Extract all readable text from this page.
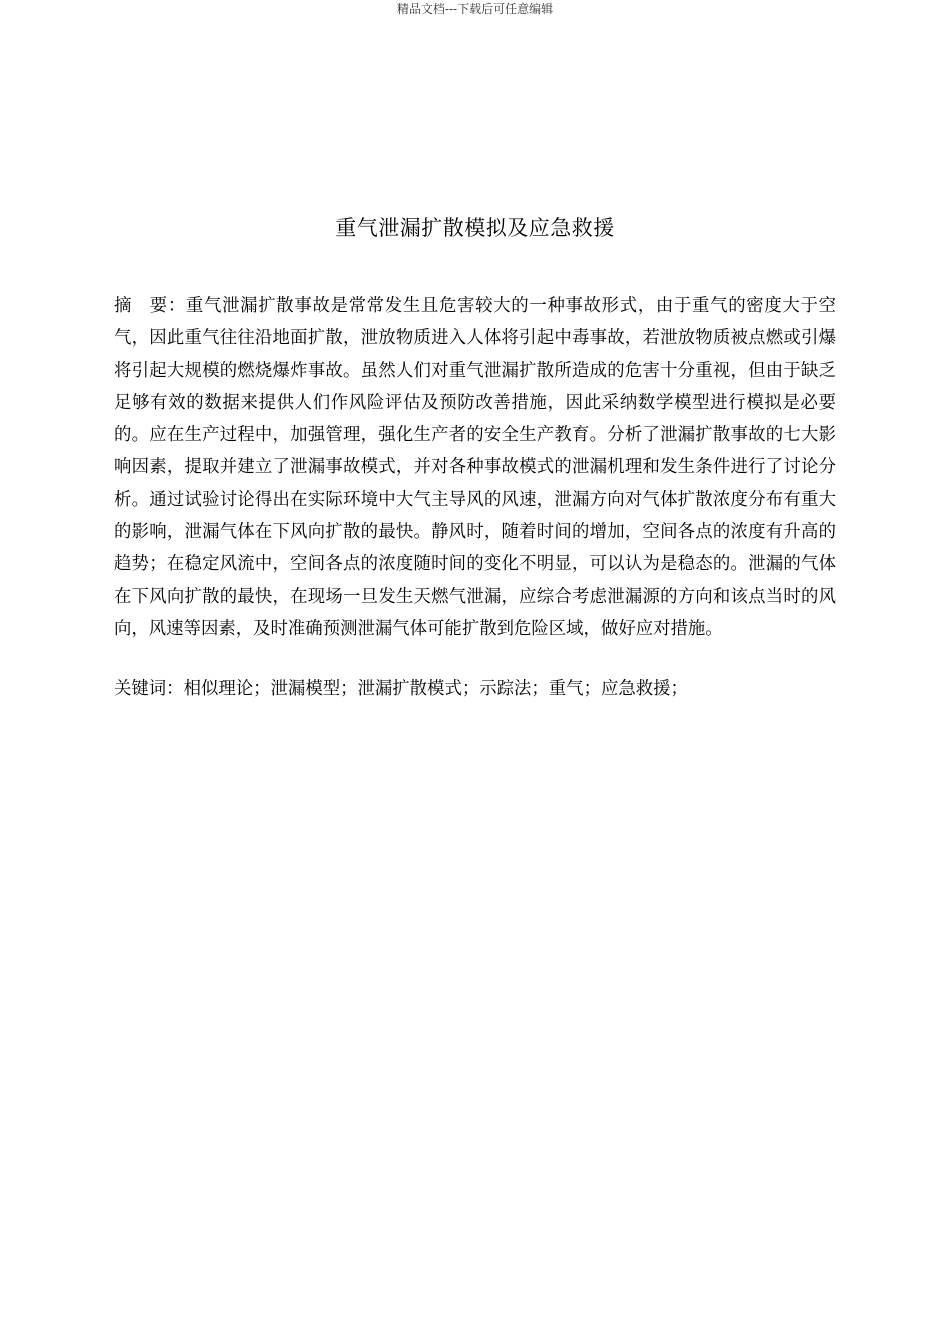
精品文档---下载后可任意编辑
重气泄漏扩散模拟及应急救援

摘 要：重气泄漏扩散事故是常常发生且危害较大的一种事故形式，由于重气的密度大于空气，因此重气往往沿地面扩散，泄放物质进入人体将引起中毒事故，若泄放物质被点燃或引爆将引起大规模的燃烧爆炸事故。虽然人们对重气泄漏扩散所造成的危害十分重视，但由于缺乏足够有效的数据来提供人们作风险评估及预防改善措施，因此采纳数学模型进行模拟是必要的。应在生产过程中，加强管理，强化生产者的安全生产教育。分析了泄漏扩散事故的七大影响因素，提取并建立了泄漏事故模式，并对各种事故模式的泄漏机理和发生条件进行了讨论分析。通过试验讨论得出在实际环境中大气主导风的风速，泄漏方向对气体扩散浓度分布有重大的影响，泄漏气体在下风向扩散的最快。静风时，随着时间的增加，空间各点的浓度有升高的趋势；在稳定风流中，空间各点的浓度随时间的变化不明显，可以认为是稳态的。泄漏的气体在下风向扩散的最快，在现场一旦发生天燃气泄漏，应综合考虑泄漏源的方向和该点当时的风向，风速等因素，及时准确预测泄漏气体可能扩散到危险区域，做好应对措施。

关键词：相似理论；泄漏模型；泄漏扩散模式；示踪法；重气；应急救援；
